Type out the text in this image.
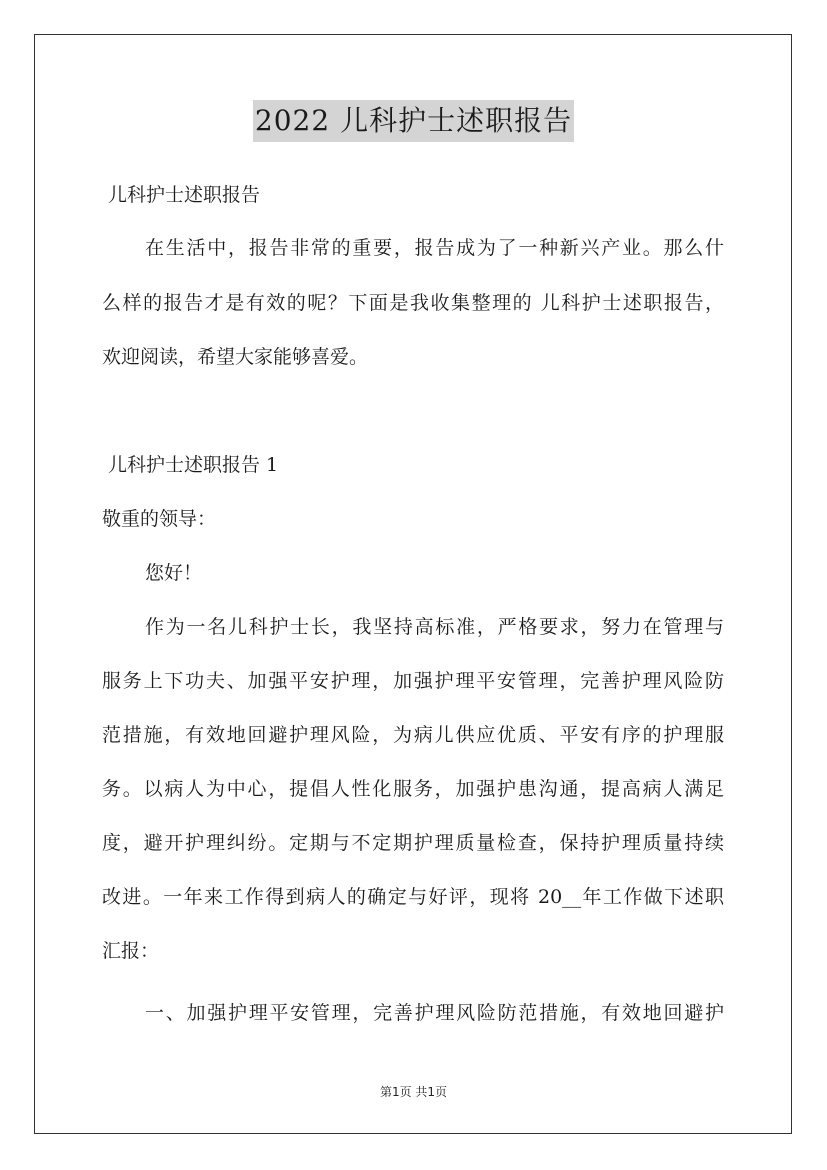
2022 儿科护士述职报告
儿科护士述职报告
在生活中，报告非常的重要，报告成为了一种新兴产业。那么什
么样的报告才是有效的呢？下面是我收集整理的 儿科护士述职报告，
欢迎阅读，希望大家能够喜爱。
儿科护士述职报告 1
敬重的领导：
您好！
作为一名儿科护士长，我坚持高标准，严格要求，努力在管理与
服务上下功夫、加强平安护理，加强护理平安管理，完善护理风险防
范措施，有效地回避护理风险，为病儿供应优质、平安有序的护理服
务。以病人为中心，提倡人性化服务，加强护患沟通，提高病人满足
度，避开护理纠纷。定期与不定期护理质量检查，保持护理质量持续
改进。一年来工作得到病人的确定与好评，现将 20__年工作做下述职
汇报：
一、加强护理平安管理，完善护理风险防范措施，有效地回避护
第1页 共1页
